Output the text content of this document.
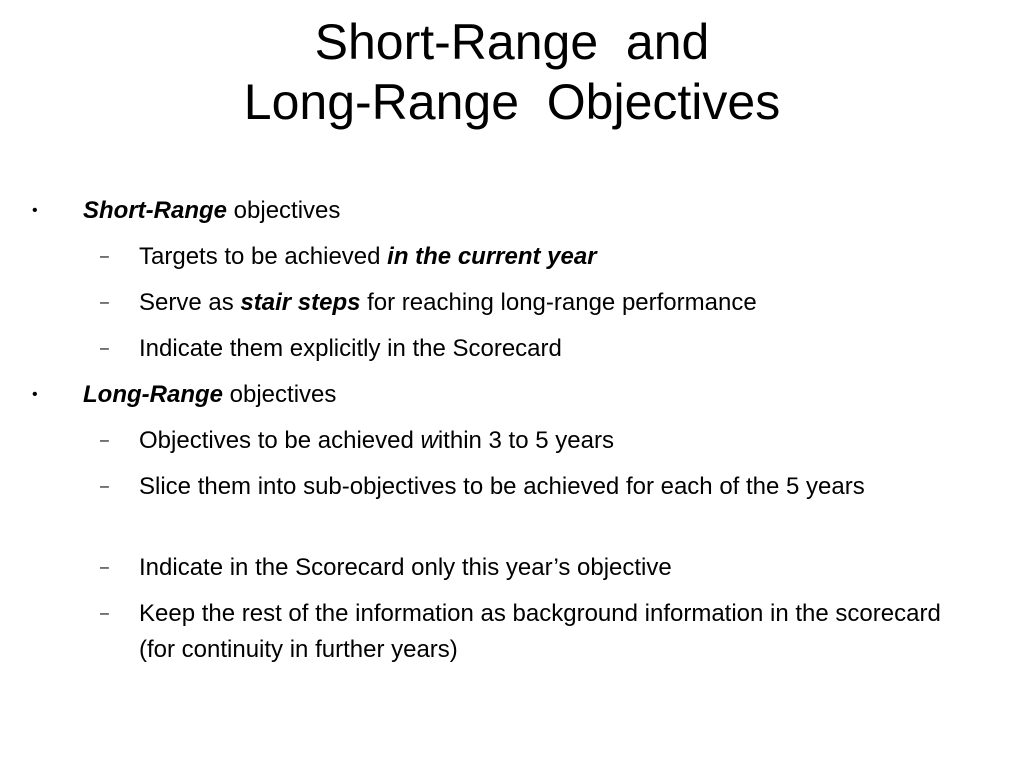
Short-Range  and
Long-Range  Objectives
• Short-Range objectives
– Targets to be achieved in the current year
– Serve as stair steps for reaching long-range performance
– Indicate them explicitly in the Scorecard
• Long-Range objectives
– Objectives to be achieved within 3 to 5 years
– Slice them into sub-objectives to be achieved for each of the 5 years
– Indicate in the Scorecard only this year’s objective
– Keep the rest of the information as background information in the scorecard (for continuity in further years)
